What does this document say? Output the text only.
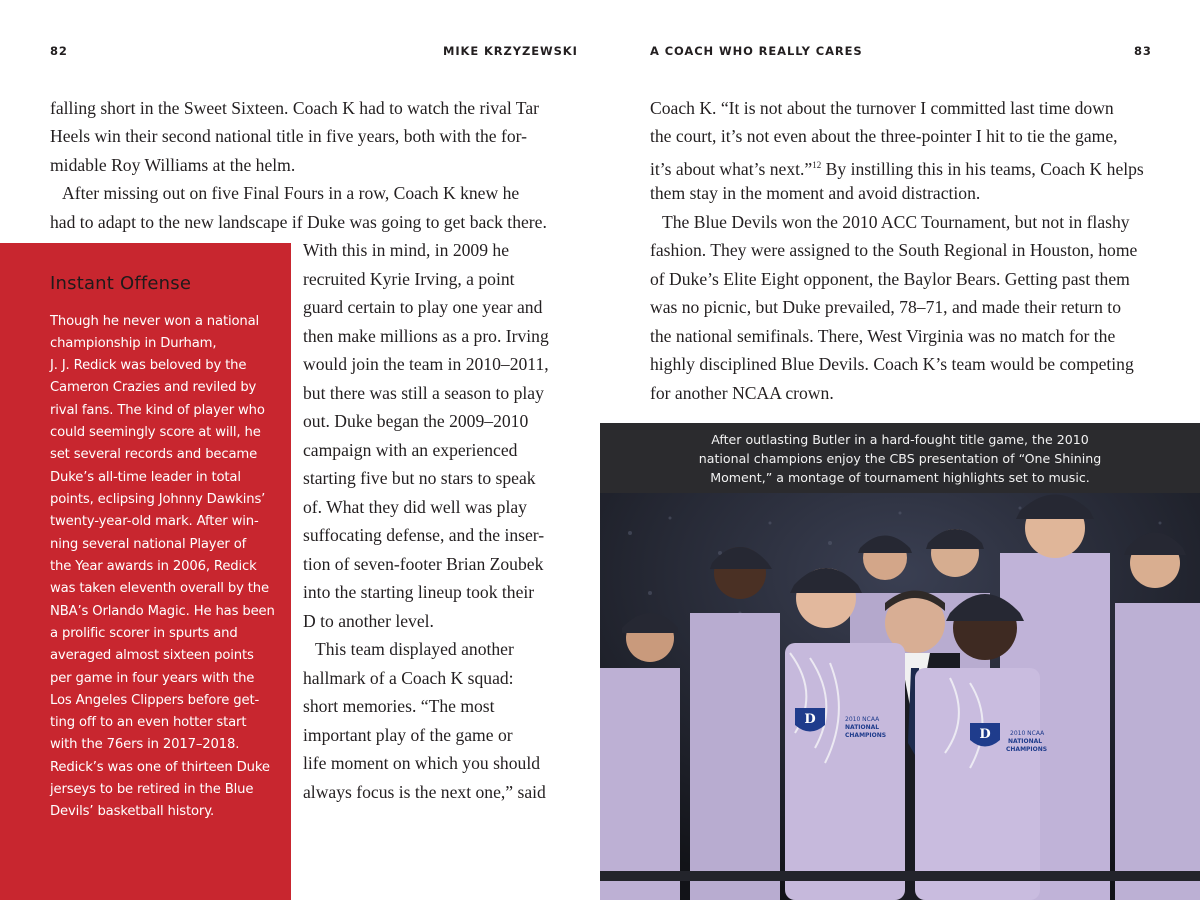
82	MIKE KRZYZEWSKI
falling short in the Sweet Sixteen. Coach K had to watch the rival Tar
Heels win their second national title in five years, both with the for-
midable Roy Williams at the helm.
After missing out on five Final Fours in a row, Coach K knew he
had to adapt to the new landscape if Duke was going to get back there.
With this in mind, in 2009 he
recruited Kyrie Irving, a point
guard certain to play one year and
then make millions as a pro. Irving
would join the team in 2010–2011,
but there was still a season to play
out. Duke began the 2009–2010
campaign with an experienced
starting five but no stars to speak
of. What they did well was play
suffocating defense, and the inser-
tion of seven-footer Brian Zoubek
into the starting lineup took their
D to another level.
This team displayed another
hallmark of a Coach K squad:
short memories. “The most
important play of the game or
life moment on which you should
always focus is the next one,” said
Instant Offense
Though he never won a national
championship in Durham,
J. J. Redick was beloved by the
Cameron Crazies and reviled by
rival fans. The kind of player who
could seemingly score at will, he
set several records and became
Duke’s all-time leader in total
points, eclipsing Johnny Dawkins’
twenty-year-old mark. After win-
ning several national Player of
the Year awards in 2006, Redick
was taken eleventh overall by the
NBA’s Orlando Magic. He has been
a prolific scorer in spurts and
averaged almost sixteen points
per game in four years with the
Los Angeles Clippers before get-
ting off to an even hotter start
with the 76ers in 2017–2018.
Redick’s was one of thirteen Duke
jerseys to be retired in the Blue
Devils’ basketball history.
A COACH WHO REALLY CARES	83
Coach K. “It is not about the turnover I committed last time down
the court, it’s not even about the three-pointer I hit to tie the game,
it’s about what’s next.”$^{12}$ By instilling this in his teams, Coach K helps
them stay in the moment and avoid distraction.
The Blue Devils won the 2010 ACC Tournament, but not in flashy
fashion. They were assigned to the South Regional in Houston, home
of Duke’s Elite Eight opponent, the Baylor Bears. Getting past them
was no picnic, but Duke prevailed, 78–71, and made their return to
the national semifinals. There, West Virginia was no match for the
highly disciplined Blue Devils. Coach K’s team would be competing
for another NCAA crown.
After outlasting Butler in a hard-fought title game, the 2010
national champions enjoy the CBS presentation of “One Shining
Moment,” a montage of tournament highlights set to music.
D	2010 NCAA
NATIONAL
CHAMPIONS	D	2010 NCAA
NATIONAL
CHAMPIONS
